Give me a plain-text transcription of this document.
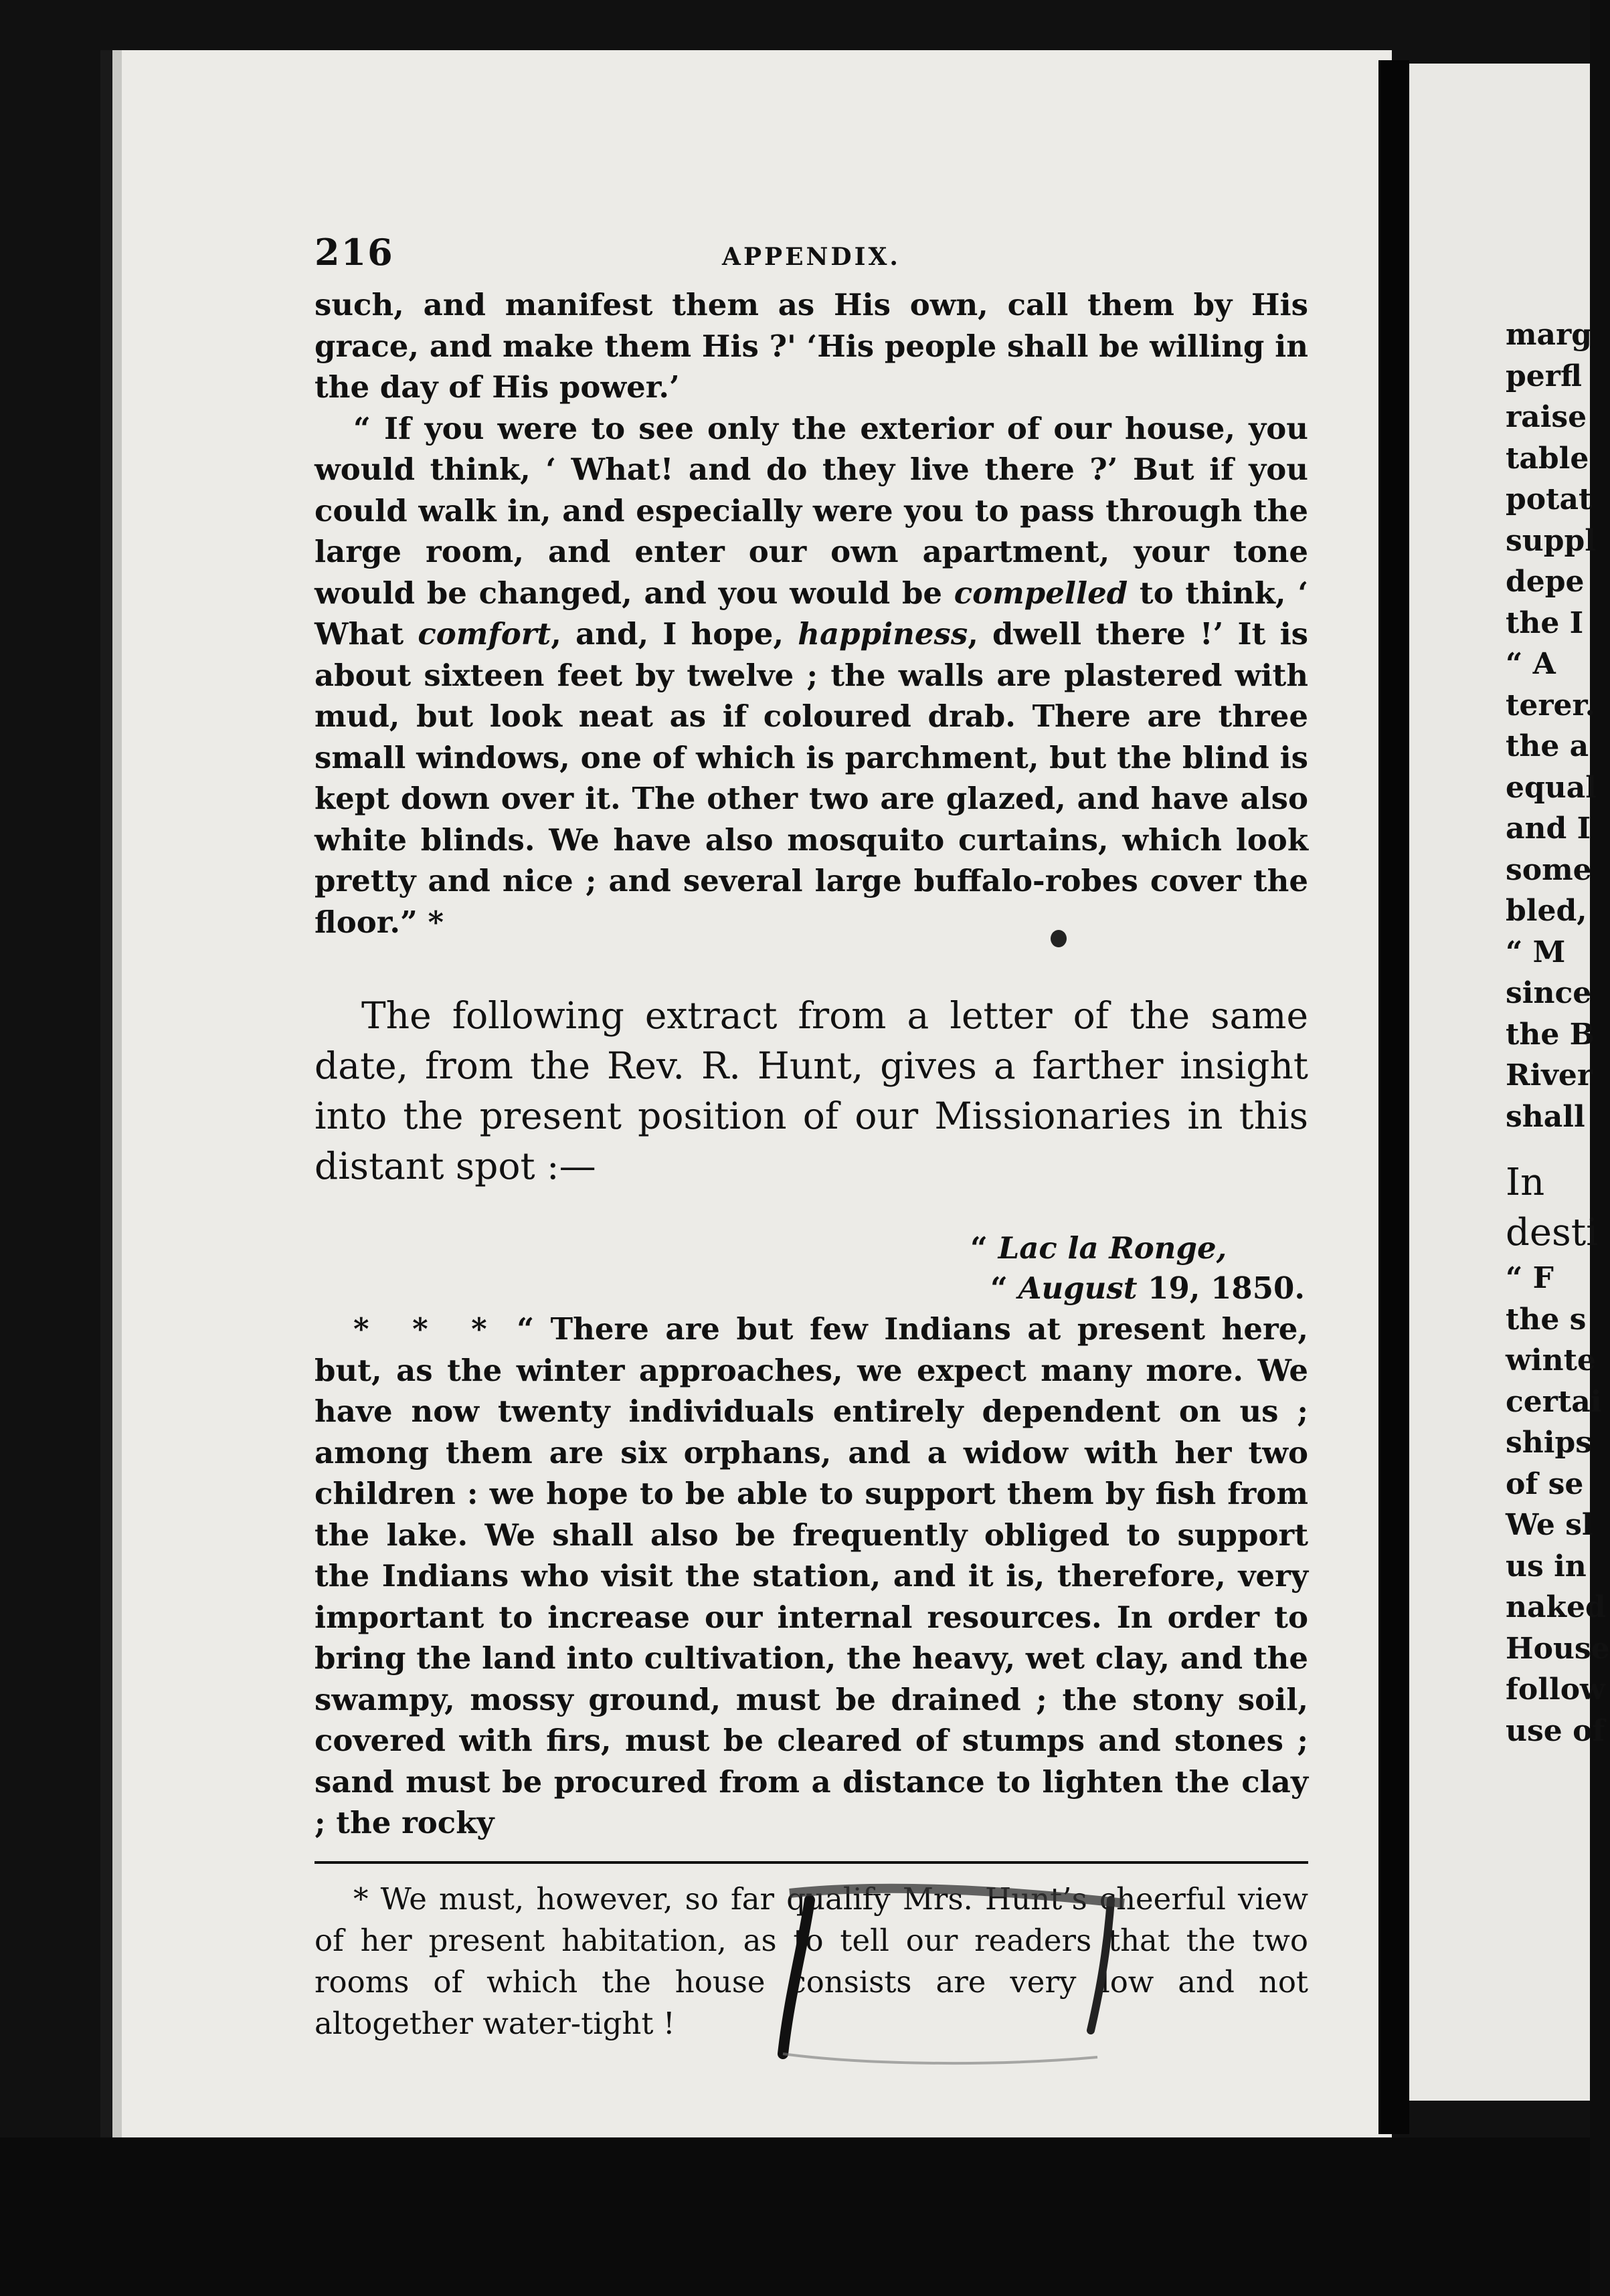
marg
perfl
raise
table
potat
suppl
depe
the I
“ A
terer.
the a
equal
and I
some
bled,
“ M
since
the B
River
shall
In
desti
“ F
the s
winte
certai
ships
of se
We sl
us in
naked
House
follow
use of
216	APPENDIX.

such, and manifest them as His own, call them by His grace, and make them His ?' ‘His people shall be willing in the day of His power.’

“ If you were to see only the exterior of our house, you would think, ‘ What! and do they live there ?’ But if you could walk in, and especially were you to pass through the large room, and enter our own apartment, your tone would be changed, and you would be compelled to think, ‘ What comfort, and, I hope, happiness, dwell there !’ It is about sixteen feet by twelve ; the walls are plastered with mud, but look neat as if coloured drab. There are three small windows, one of which is parchment, but the blind is kept down over it. The other two are glazed, and have also white blinds. We have also mosquito curtains, which look pretty and nice ; and several large buffalo-robes cover the floor.” *

The following extract from a letter of the same date, from the Rev. R. Hunt, gives a farther insight into the present position of our Missionaries in this distant spot :—

“ Lac la Ronge,
“ August 19, 1850.

* * * “ There are but few Indians at present here, but, as the winter approaches, we expect many more. We have now twenty individuals entirely dependent on us ; among them are six orphans, and a widow with her two children : we hope to be able to support them by fish from the lake. We shall also be frequently obliged to support the Indians who visit the station, and it is, therefore, very important to increase our internal resources. In order to bring the land into cultivation, the heavy, wet clay, and the swampy, mossy ground, must be drained ; the stony soil, covered with firs, must be cleared of stumps and stones ; sand must be procured from a distance to lighten the clay ; the rocky

* We must, however, so far qualify Mrs. Hunt’s cheerful view of her present habitation, as to tell our readers that the two rooms of which the house consists are very low and not altogether water-tight !
